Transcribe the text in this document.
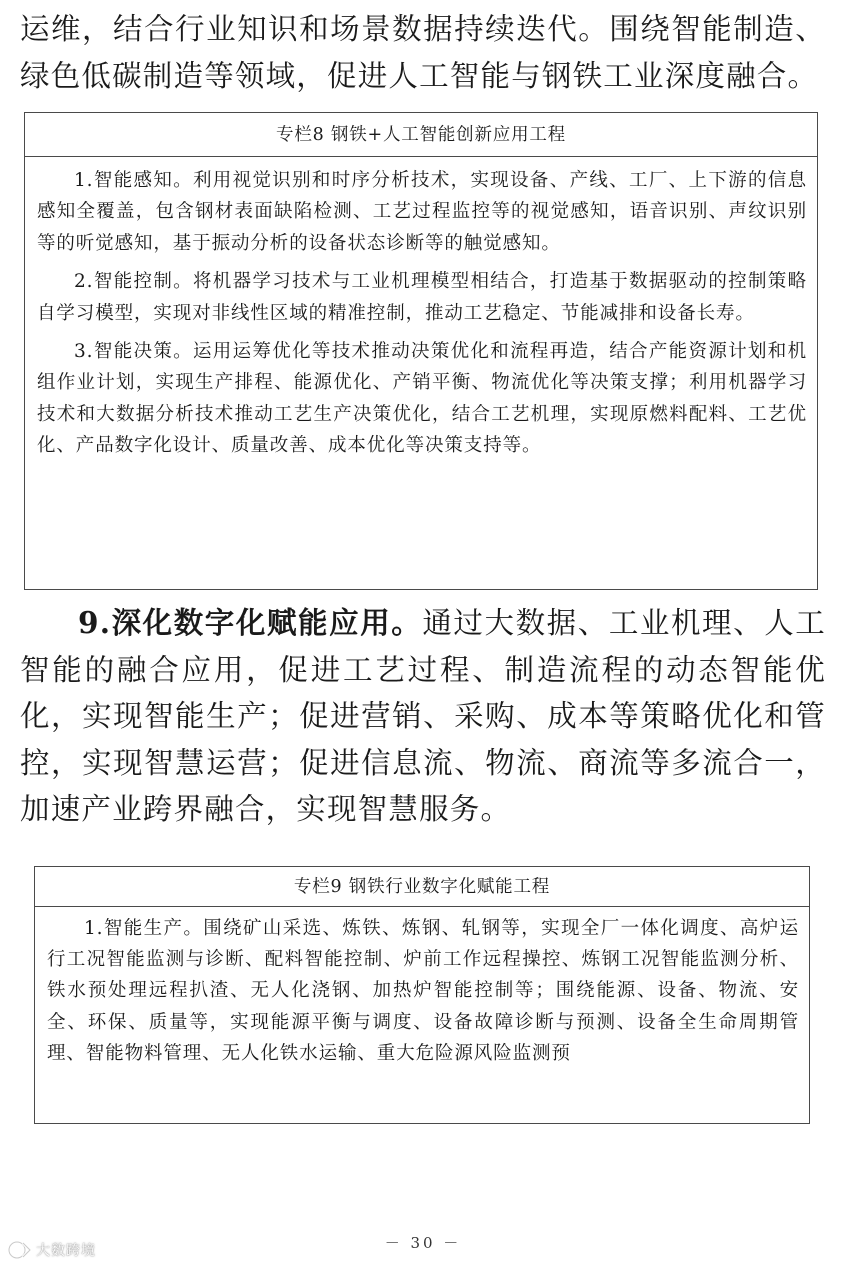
运维，结合行业知识和场景数据持续迭代。围绕智能制造、绿色低碳制造等领域，促进人工智能与钢铁工业深度融合。

专栏8 钢铁+人工智能创新应用工程

1.智能感知。利用视觉识别和时序分析技术，实现设备、产线、工厂、上下游的信息感知全覆盖，包含钢材表面缺陷检测、工艺过程监控等的视觉感知，语音识别、声纹识别等的听觉感知，基于振动分析的设备状态诊断等的触觉感知。

2.智能控制。将机器学习技术与工业机理模型相结合，打造基于数据驱动的控制策略自学习模型，实现对非线性区域的精准控制，推动工艺稳定、节能减排和设备长寿。

3.智能决策。运用运筹优化等技术推动决策优化和流程再造，结合产能资源计划和机组作业计划，实现生产排程、能源优化、产销平衡、物流优化等决策支撑；利用机器学习技术和大数据分析技术推动工艺生产决策优化，结合工艺机理，实现原燃料配料、工艺优化、产品数字化设计、质量改善、成本优化等决策支持等。

9.深化数字化赋能应用。通过大数据、工业机理、人工智能的融合应用，促进工艺过程、制造流程的动态智能优化，实现智能生产；促进营销、采购、成本等策略优化和管控，实现智慧运营；促进信息流、物流、商流等多流合一，加速产业跨界融合，实现智慧服务。

专栏9 钢铁行业数字化赋能工程

1.智能生产。围绕矿山采选、炼铁、炼钢、轧钢等，实现全厂一体化调度、高炉运行工况智能监测与诊断、配料智能控制、炉前工作远程操控、炼钢工况智能监测分析、铁水预处理远程扒渣、无人化浇钢、加热炉智能控制等；围绕能源、设备、物流、安全、环保、质量等，实现能源平衡与调度、设备故障诊断与预测、设备全生命周期管理、智能物料管理、无人化铁水运输、重大危险源风险监测预

－ 30 －
大数跨境
